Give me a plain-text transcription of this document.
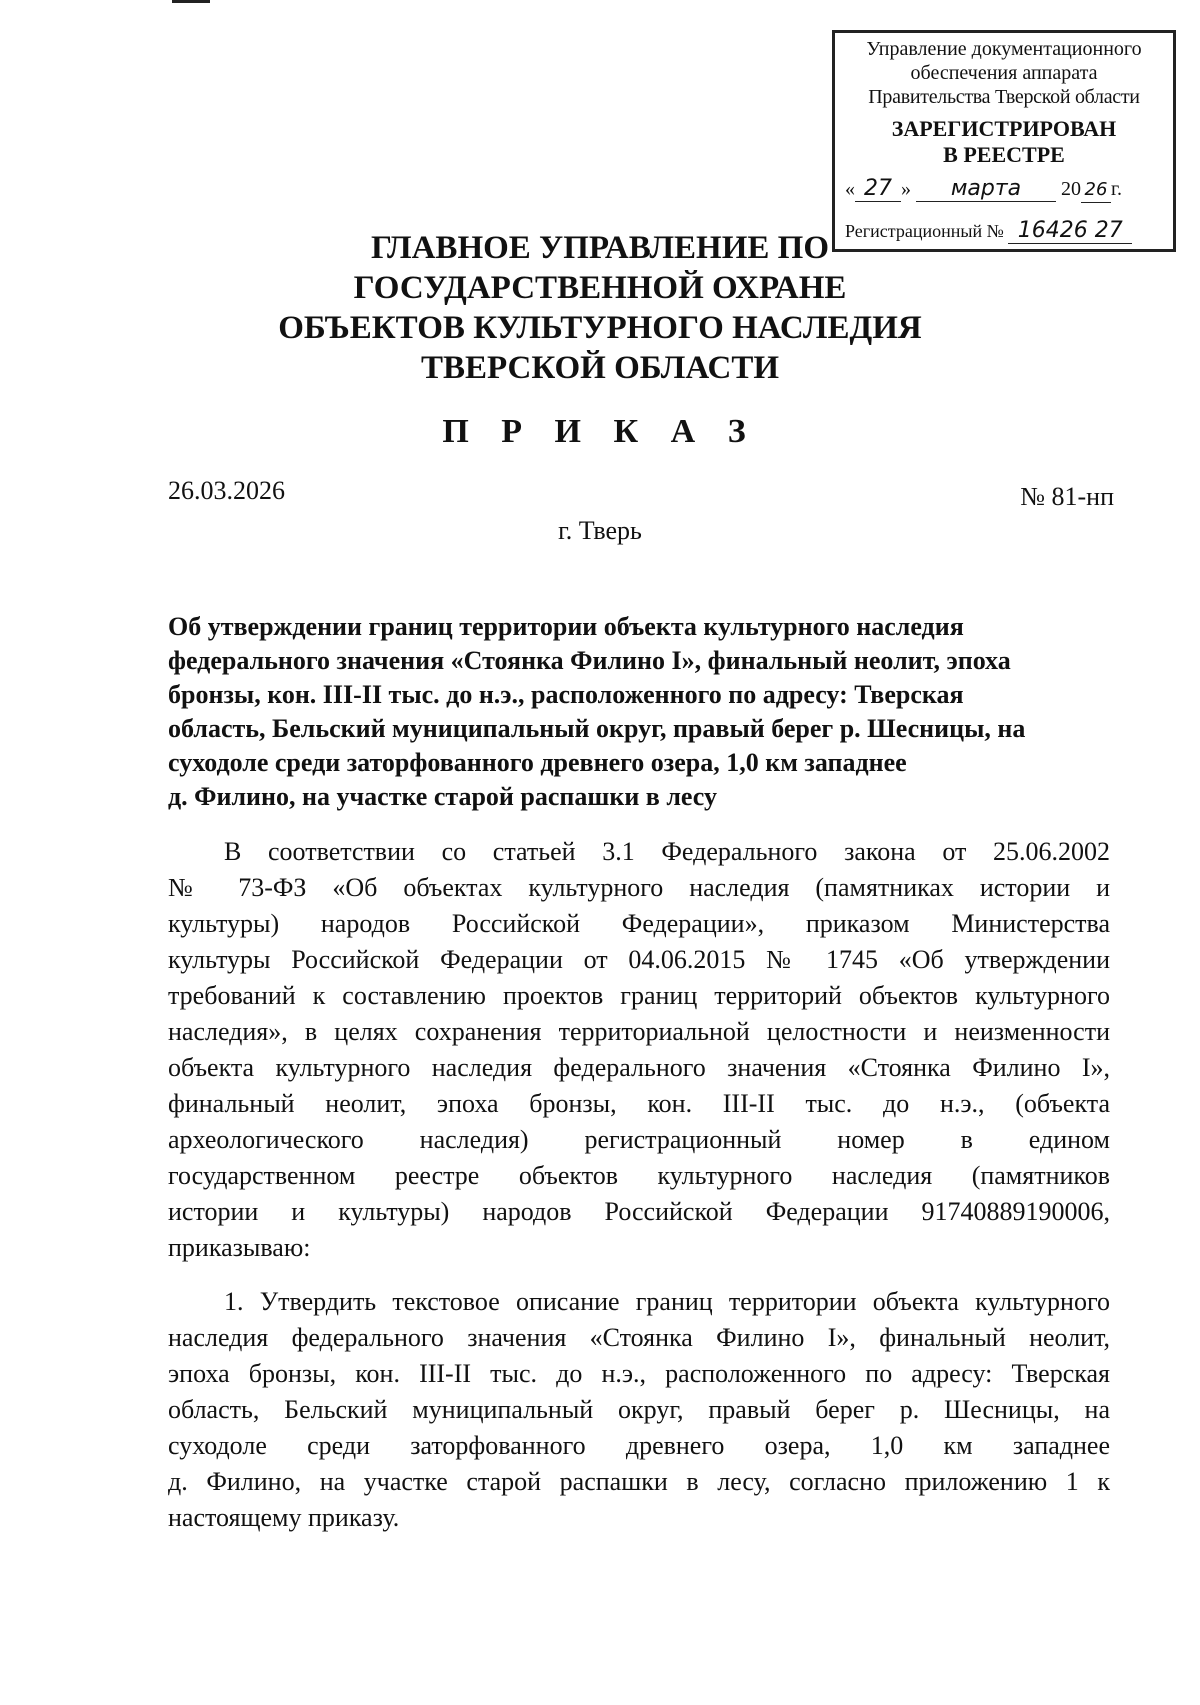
Управление документационного
обеспечения аппарата
Правительства Тверской области
ЗАРЕГИСТРИРОВАН
В РЕЕСТРЕ
« 27 » марта 20 26 г.
Регистрационный № 16426 27
ГЛАВНОЕ УПРАВЛЕНИЕ ПО
ГОСУДАРСТВЕННОЙ ОХРАНЕ
ОБЪЕКТОВ КУЛЬТУРНОГО НАСЛЕДИЯ
ТВЕРСКОЙ ОБЛАСТИ
П Р И К А З
26.03.2026	№ 81-нп
г. Тверь
Об утверждении границ территории объекта культурного наследия
федерального значения «Стоянка Филино I», финальный неолит, эпоха
бронзы, кон. III-II тыс. до н.э., расположенного по адресу: Тверская
область, Бельский муниципальный округ, правый берег р. Шесницы, на
суходоле среди заторфованного древнего озера, 1,0 км западнее
д. Филино, на участке старой распашки в лесу
В соответствии со статьей 3.1 Федерального закона от 25.06.2002
№ 73-ФЗ «Об объектах культурного наследия (памятниках истории и
культуры) народов Российской Федерации», приказом Министерства
культуры Российской Федерации от 04.06.2015 № 1745 «Об утверждении
требований к составлению проектов границ территорий объектов культурного
наследия», в целях сохранения территориальной целостности и неизменности
объекта культурного наследия федерального значения «Стоянка Филино I»,
финальный неолит, эпоха бронзы, кон. III-II тыс. до н.э., (объекта
археологического наследия) регистрационный номер в едином
государственном реестре объектов культурного наследия (памятников
истории и культуры) народов Российской Федерации 91740889190006,
приказываю:
1. Утвердить текстовое описание границ территории объекта культурного
наследия федерального значения «Стоянка Филино I», финальный неолит,
эпоха бронзы, кон. III-II тыс. до н.э., расположенного по адресу: Тверская
область, Бельский муниципальный округ, правый берег р. Шесницы, на
суходоле среди заторфованного древнего озера, 1,0 км западнее
д. Филино, на участке старой распашки в лесу, согласно приложению 1 к
настоящему приказу.
